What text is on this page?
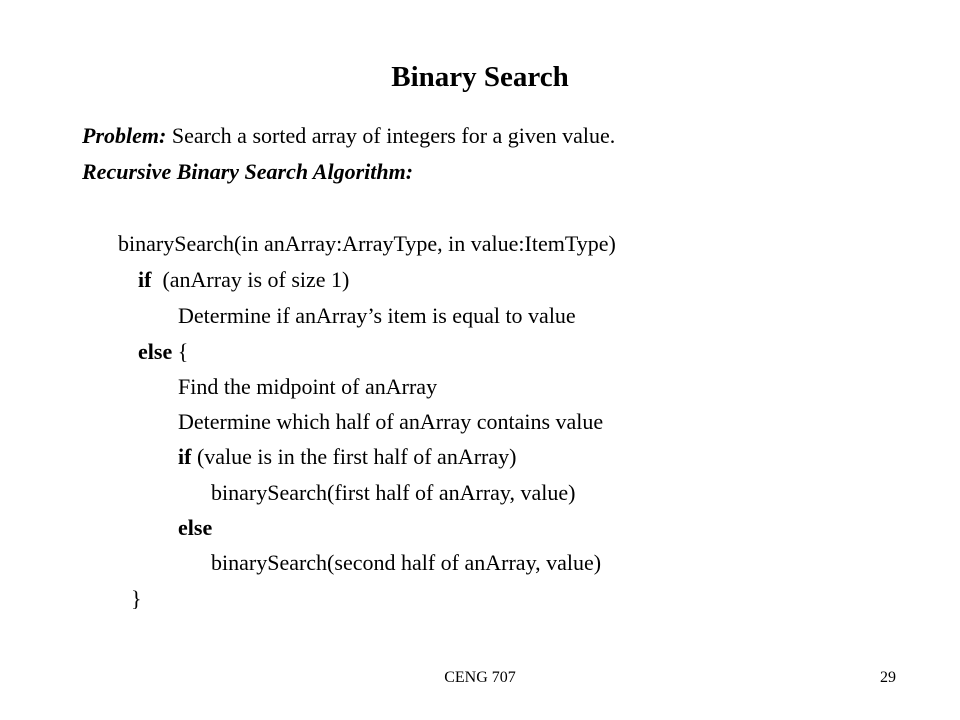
Binary Search
Problem: Search a sorted array of integers for a given value.
Recursive Binary Search Algorithm:
binarySearch(in anArray:ArrayType, in value:ItemType)
if  (anArray is of size 1)
Determine if anArray’s item is equal to value
else {
Find the midpoint of anArray
Determine which half of anArray contains value
if (value is in the first half of anArray)
binarySearch(first half of anArray, value)
else
binarySearch(second half of anArray, value)
}
CENG 707	29
